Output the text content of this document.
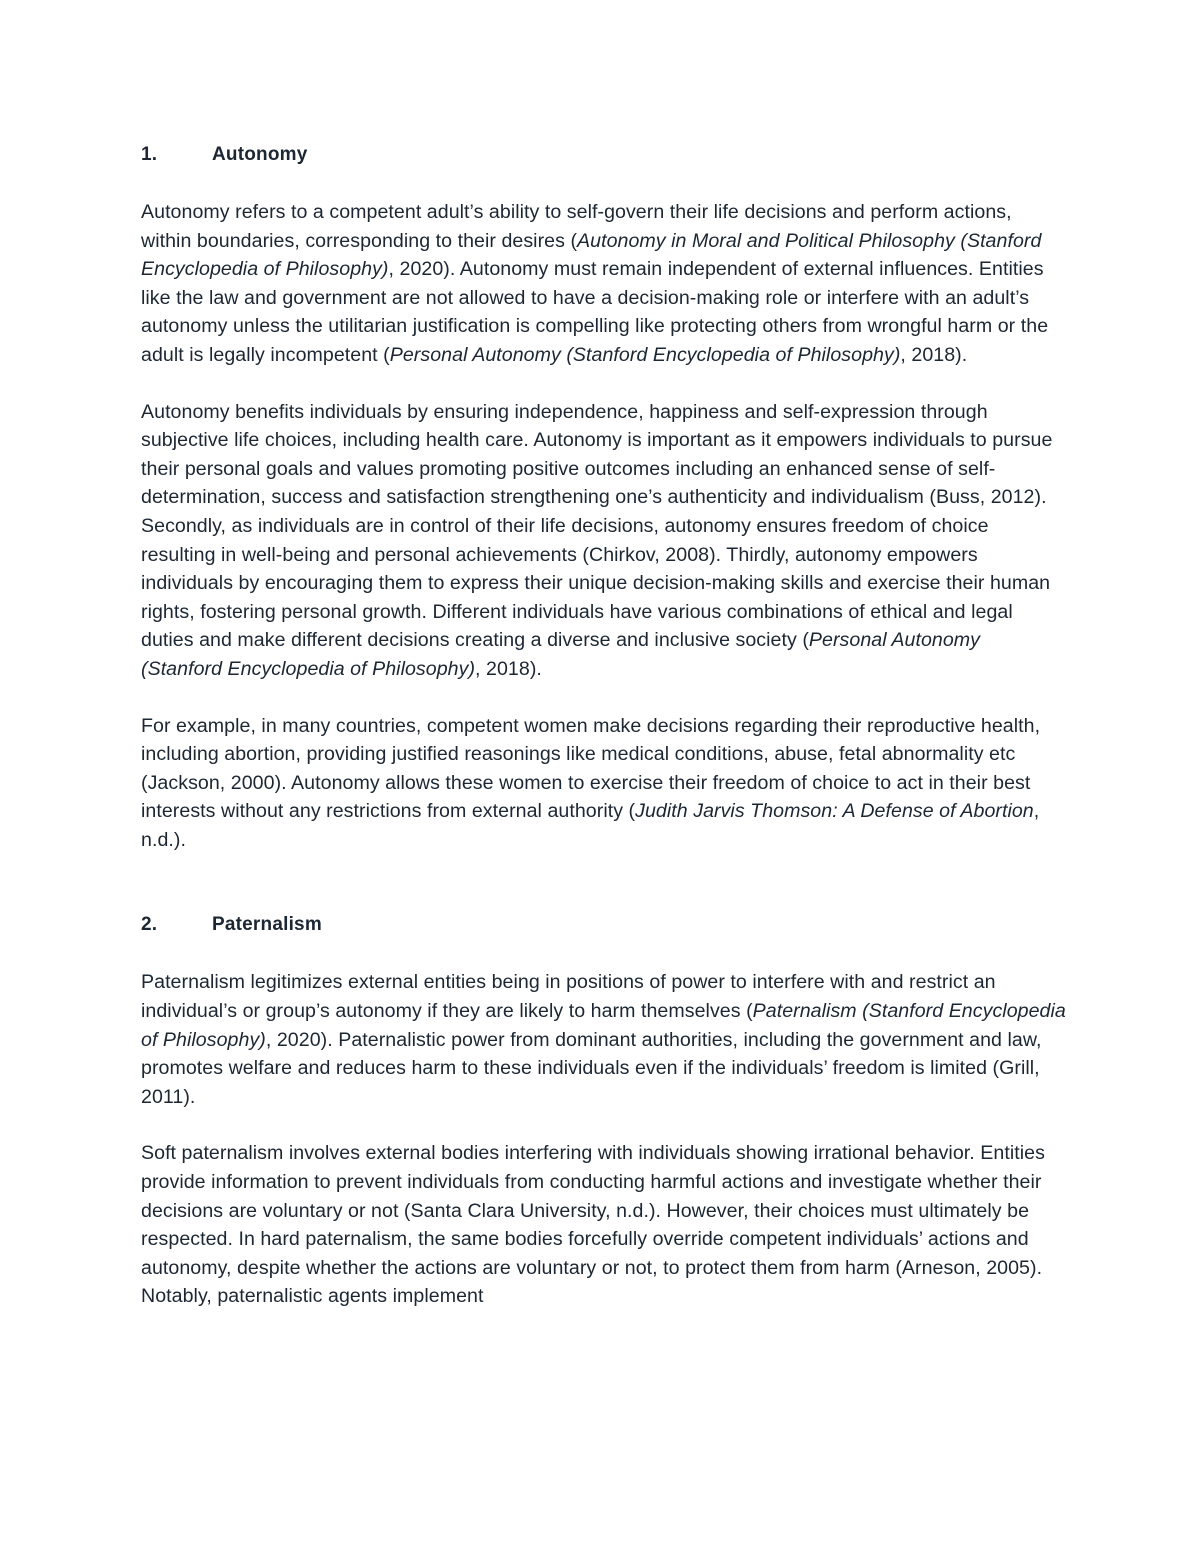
1.	Autonomy

Autonomy refers to a competent adult’s ability to self-govern their life decisions and perform actions, within boundaries, corresponding to their desires (Autonomy in Moral and Political Philosophy (Stanford Encyclopedia of Philosophy), 2020). Autonomy must remain independent of external influences. Entities like the law and government are not allowed to have a decision-making role or interfere with an adult’s autonomy unless the utilitarian justification is compelling like protecting others from wrongful harm or the adult is legally incompetent (Personal Autonomy (Stanford Encyclopedia of Philosophy), 2018).

Autonomy benefits individuals by ensuring independence, happiness and self-expression through subjective life choices, including health care. Autonomy is important as it empowers individuals to pursue their personal goals and values promoting positive outcomes including an enhanced sense of self-determination, success and satisfaction strengthening one’s authenticity and individualism (Buss, 2012). Secondly, as individuals are in control of their life decisions, autonomy ensures freedom of choice resulting in well-being and personal achievements (Chirkov, 2008). Thirdly, autonomy empowers individuals by encouraging them to express their unique decision-making skills and exercise their human rights, fostering personal growth. Different individuals have various combinations of ethical and legal duties and make different decisions creating a diverse and inclusive society (Personal Autonomy (Stanford Encyclopedia of Philosophy), 2018).

For example, in many countries, competent women make decisions regarding their reproductive health, including abortion, providing justified reasonings like medical conditions, abuse, fetal abnormality etc (Jackson, 2000). Autonomy allows these women to exercise their freedom of choice to act in their best interests without any restrictions from external authority (Judith Jarvis Thomson: A Defense of Abortion, n.d.).

2.	Paternalism

Paternalism legitimizes external entities being in positions of power to interfere with and restrict an individual’s or group’s autonomy if they are likely to harm themselves (Paternalism (Stanford Encyclopedia of Philosophy), 2020). Paternalistic power from dominant authorities, including the government and law, promotes welfare and reduces harm to these individuals even if the individuals’ freedom is limited (Grill, 2011).

Soft paternalism involves external bodies interfering with individuals showing irrational behavior. Entities provide information to prevent individuals from conducting harmful actions and investigate whether their decisions are voluntary or not (Santa Clara University, n.d.). However, their choices must ultimately be respected. In hard paternalism, the same bodies forcefully override competent individuals’ actions and autonomy, despite whether the actions are voluntary or not, to protect them from harm (Arneson, 2005). Notably, paternalistic agents implement
